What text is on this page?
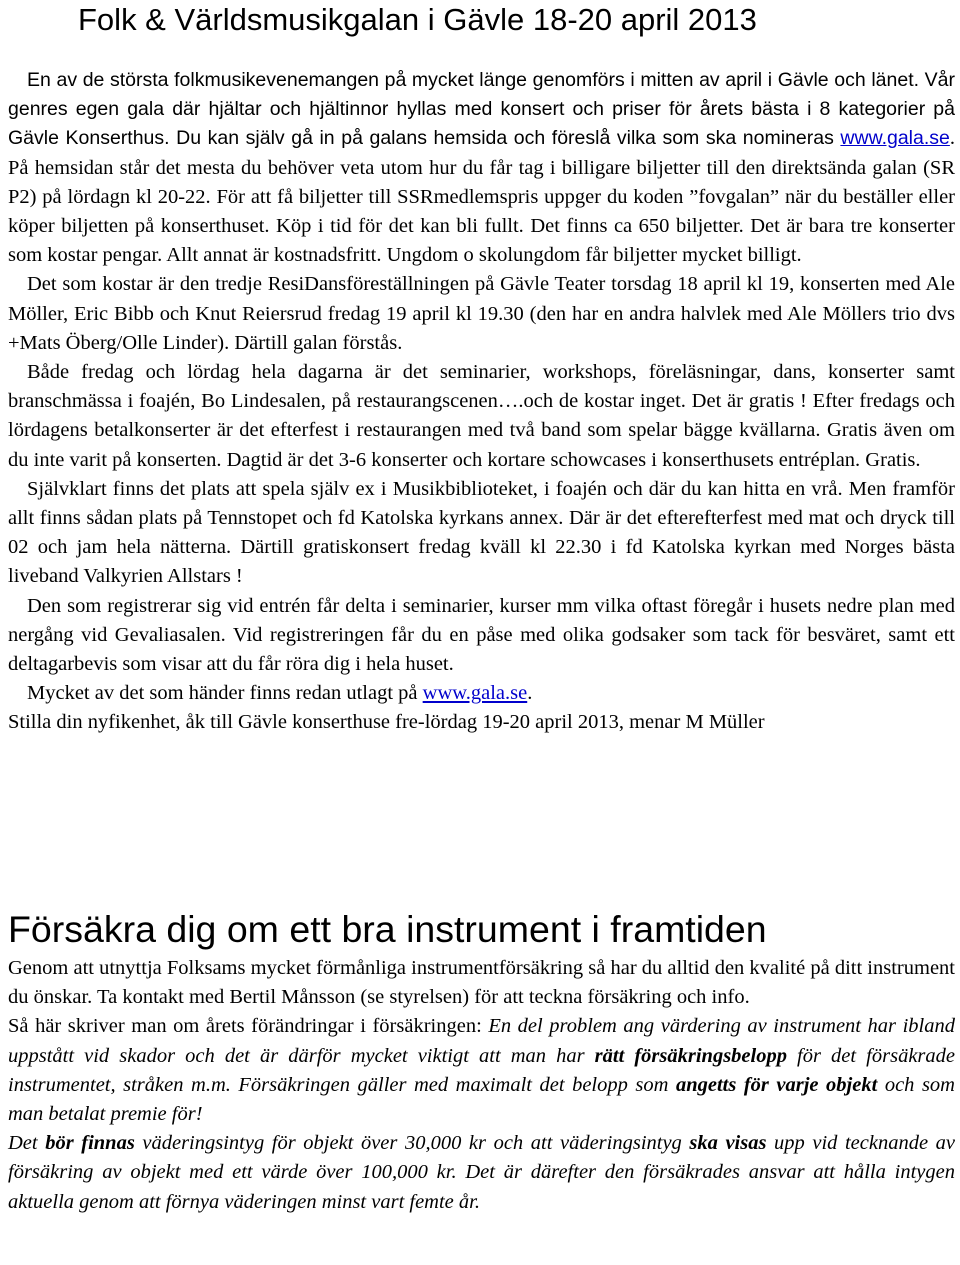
Folk & Världsmusikgalan i Gävle 18-20 april 2013

En av de största folkmusikevenemangen på mycket länge genomförs i mitten av april i Gävle och länet. Vår genres egen gala där hjältar och hjältinnor hyllas med konsert och priser för årets bästa i 8 kategorier på Gävle Konserthus. Du kan själv gå in på galans hemsida och föreslå vilka som ska nomineras www.gala.se. På hemsidan står det mesta du behöver veta utom hur du får tag i billigare biljetter till den direktsända galan (SR P2) på lördagn kl 20-22. För att få biljetter till SSRmedlemspris uppger du koden ”fovgalan” när du beställer eller köper biljetten på konserthuset. Köp i tid för det kan bli fullt. Det finns ca 650 biljetter. Det är bara tre konserter som kostar pengar. Allt annat är kostnadsfritt. Ungdom o skolungdom får biljetter mycket billigt.

Det som kostar är den tredje ResiDansföreställningen på Gävle Teater torsdag 18 april kl 19, konserten med Ale Möller, Eric Bibb och Knut Reiersrud fredag 19 april kl 19.30 (den har en andra halvlek med Ale Möllers trio dvs +Mats Öberg/Olle Linder). Därtill galan förstås.

Både fredag och lördag hela dagarna är det seminarier, workshops, föreläsningar, dans, konserter samt branschmässa i foajén, Bo Lindesalen, på restaurangscenen….och de kostar inget. Det är gratis ! Efter fredags och lördagens betalkonserter är det efterfest i restaurangen med två band som spelar bägge kvällarna. Gratis även om du inte varit på konserten. Dagtid är det 3-6 konserter och kortare schowcases i konserthusets entréplan. Gratis.

Självklart finns det plats att spela själv ex i Musikbiblioteket, i foajén och där du kan hitta en vrå. Men framför allt finns sådan plats på Tennstopet och fd Katolska kyrkans annex. Där är det efterefterfest med mat och dryck till 02 och jam hela nätterna. Därtill gratiskonsert fredag kväll kl 22.30 i fd Katolska kyrkan med Norges bästa liveband Valkyrien Allstars !

Den som registrerar sig vid entrén får delta i seminarier, kurser mm vilka oftast föregår i husets nedre plan med nergång vid Gevaliasalen. Vid registreringen får du en påse med olika godsaker som tack för besväret, samt ett deltagarbevis som visar att du får röra dig i hela huset.

Mycket av det som händer finns redan utlagt på www.gala.se.

Stilla din nyfikenhet, åk till Gävle konserthuse fre-lördag 19-20 april 2013, menar M Müller

Försäkra dig om ett bra instrument i framtiden

Genom att utnyttja Folksams mycket förmånliga instrumentförsäkring så har du alltid den kvalité på ditt instrument du önskar. Ta kontakt med Bertil Månsson (se styrelsen) för att teckna försäkring och info.

Så här skriver man om årets förändringar i försäkringen: En del problem ang värdering av instrument har ibland uppstått vid skador och det är därför mycket viktigt att man har rätt försäkringsbelopp för det försäkrade instrumentet, stråken m.m. Försäkringen gäller med maximalt det belopp som angetts för varje objekt och som man betalat premie för!

Det bör finnas väderingsintyg för objekt över 30,000 kr och att väderingsintyg ska visas upp vid tecknande av försäkring av objekt med ett värde över 100,000 kr. Det är därefter den försäkrades ansvar att hålla intygen aktuella genom att förnya väderingen minst vart femte år.
